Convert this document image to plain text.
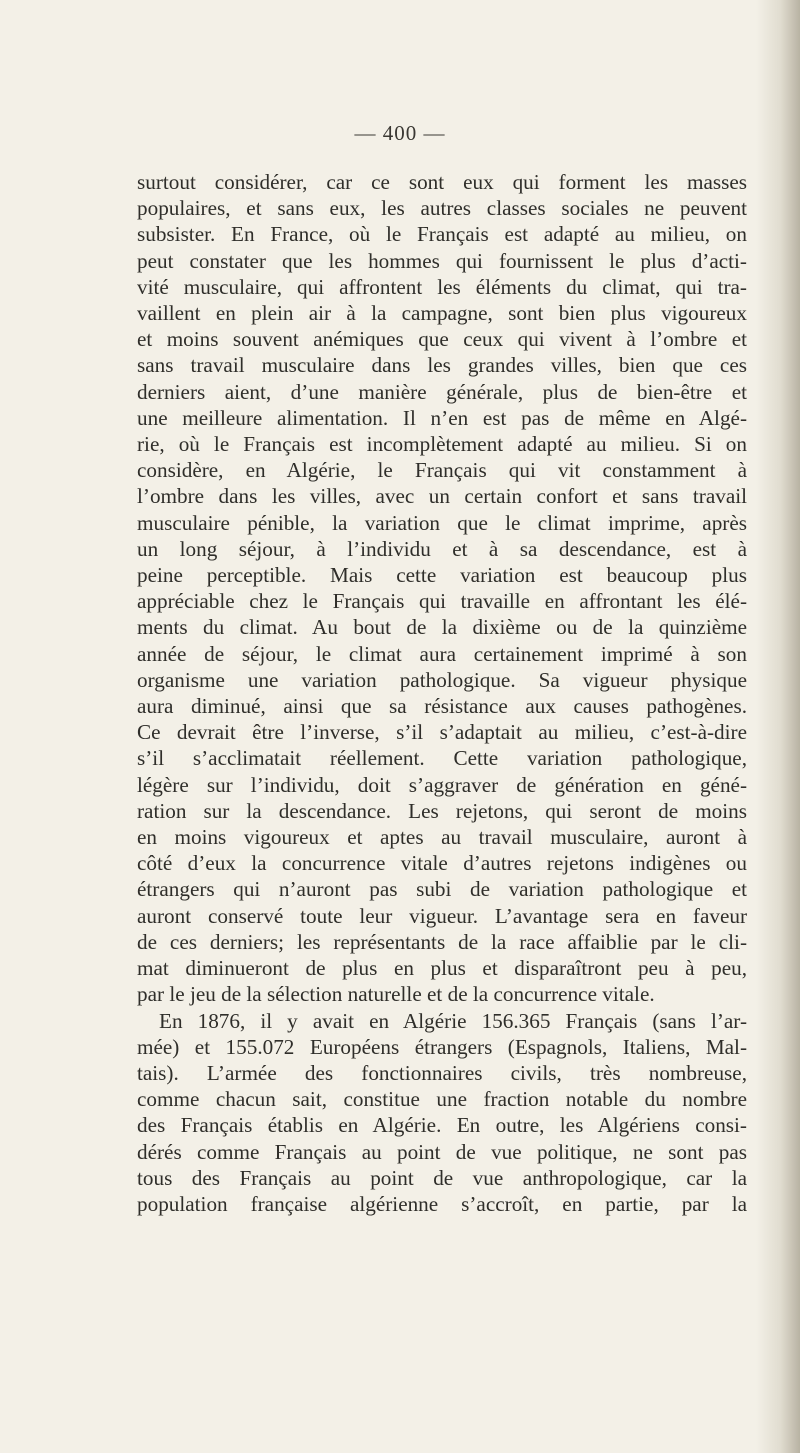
— 400 —
surtout considérer, car ce sont eux qui forment les masses
populaires, et sans eux, les autres classes sociales ne peuvent
subsister. En France, où le Français est adapté au milieu, on
peut constater que les hommes qui fournissent le plus d’acti-
vité musculaire, qui affrontent les éléments du climat, qui tra-
vaillent en plein air à la campagne, sont bien plus vigoureux
et moins souvent anémiques que ceux qui vivent à l’ombre et
sans travail musculaire dans les grandes villes, bien que ces
derniers aient, d’une manière générale, plus de bien-être et
une meilleure alimentation. Il n’en est pas de même en Algé-
rie, où le Français est incomplètement adapté au milieu. Si on
considère, en Algérie, le Français qui vit constamment à
l’ombre dans les villes, avec un certain confort et sans travail
musculaire pénible, la variation que le climat imprime, après
un long séjour, à l’individu et à sa descendance, est à
peine perceptible. Mais cette variation est beaucoup plus
appréciable chez le Français qui travaille en affrontant les élé-
ments du climat. Au bout de la dixième ou de la quinzième
année de séjour, le climat aura certainement imprimé à son
organisme une variation pathologique. Sa vigueur physique
aura diminué, ainsi que sa résistance aux causes pathogènes.
Ce devrait être l’inverse, s’il s’adaptait au milieu, c’est-à-dire
s’il s’acclimatait réellement. Cette variation pathologique,
légère sur l’individu, doit s’aggraver de génération en géné-
ration sur la descendance. Les rejetons, qui seront de moins
en moins vigoureux et aptes au travail musculaire, auront à
côté d’eux la concurrence vitale d’autres rejetons indigènes ou
étrangers qui n’auront pas subi de variation pathologique et
auront conservé toute leur vigueur. L’avantage sera en faveur
de ces derniers; les représentants de la race affaiblie par le cli-
mat diminueront de plus en plus et disparaîtront peu à peu,
par le jeu de la sélection naturelle et de la concurrence vitale.
En 1876, il y avait en Algérie 156.365 Français (sans l’ar-
mée) et 155.072 Européens étrangers (Espagnols, Italiens, Mal-
tais). L’armée des fonctionnaires civils, très nombreuse,
comme chacun sait, constitue une fraction notable du nombre
des Français établis en Algérie. En outre, les Algériens consi-
dérés comme Français au point de vue politique, ne sont pas
tous des Français au point de vue anthropologique, car la
population française algérienne s’accroît, en partie, par la
